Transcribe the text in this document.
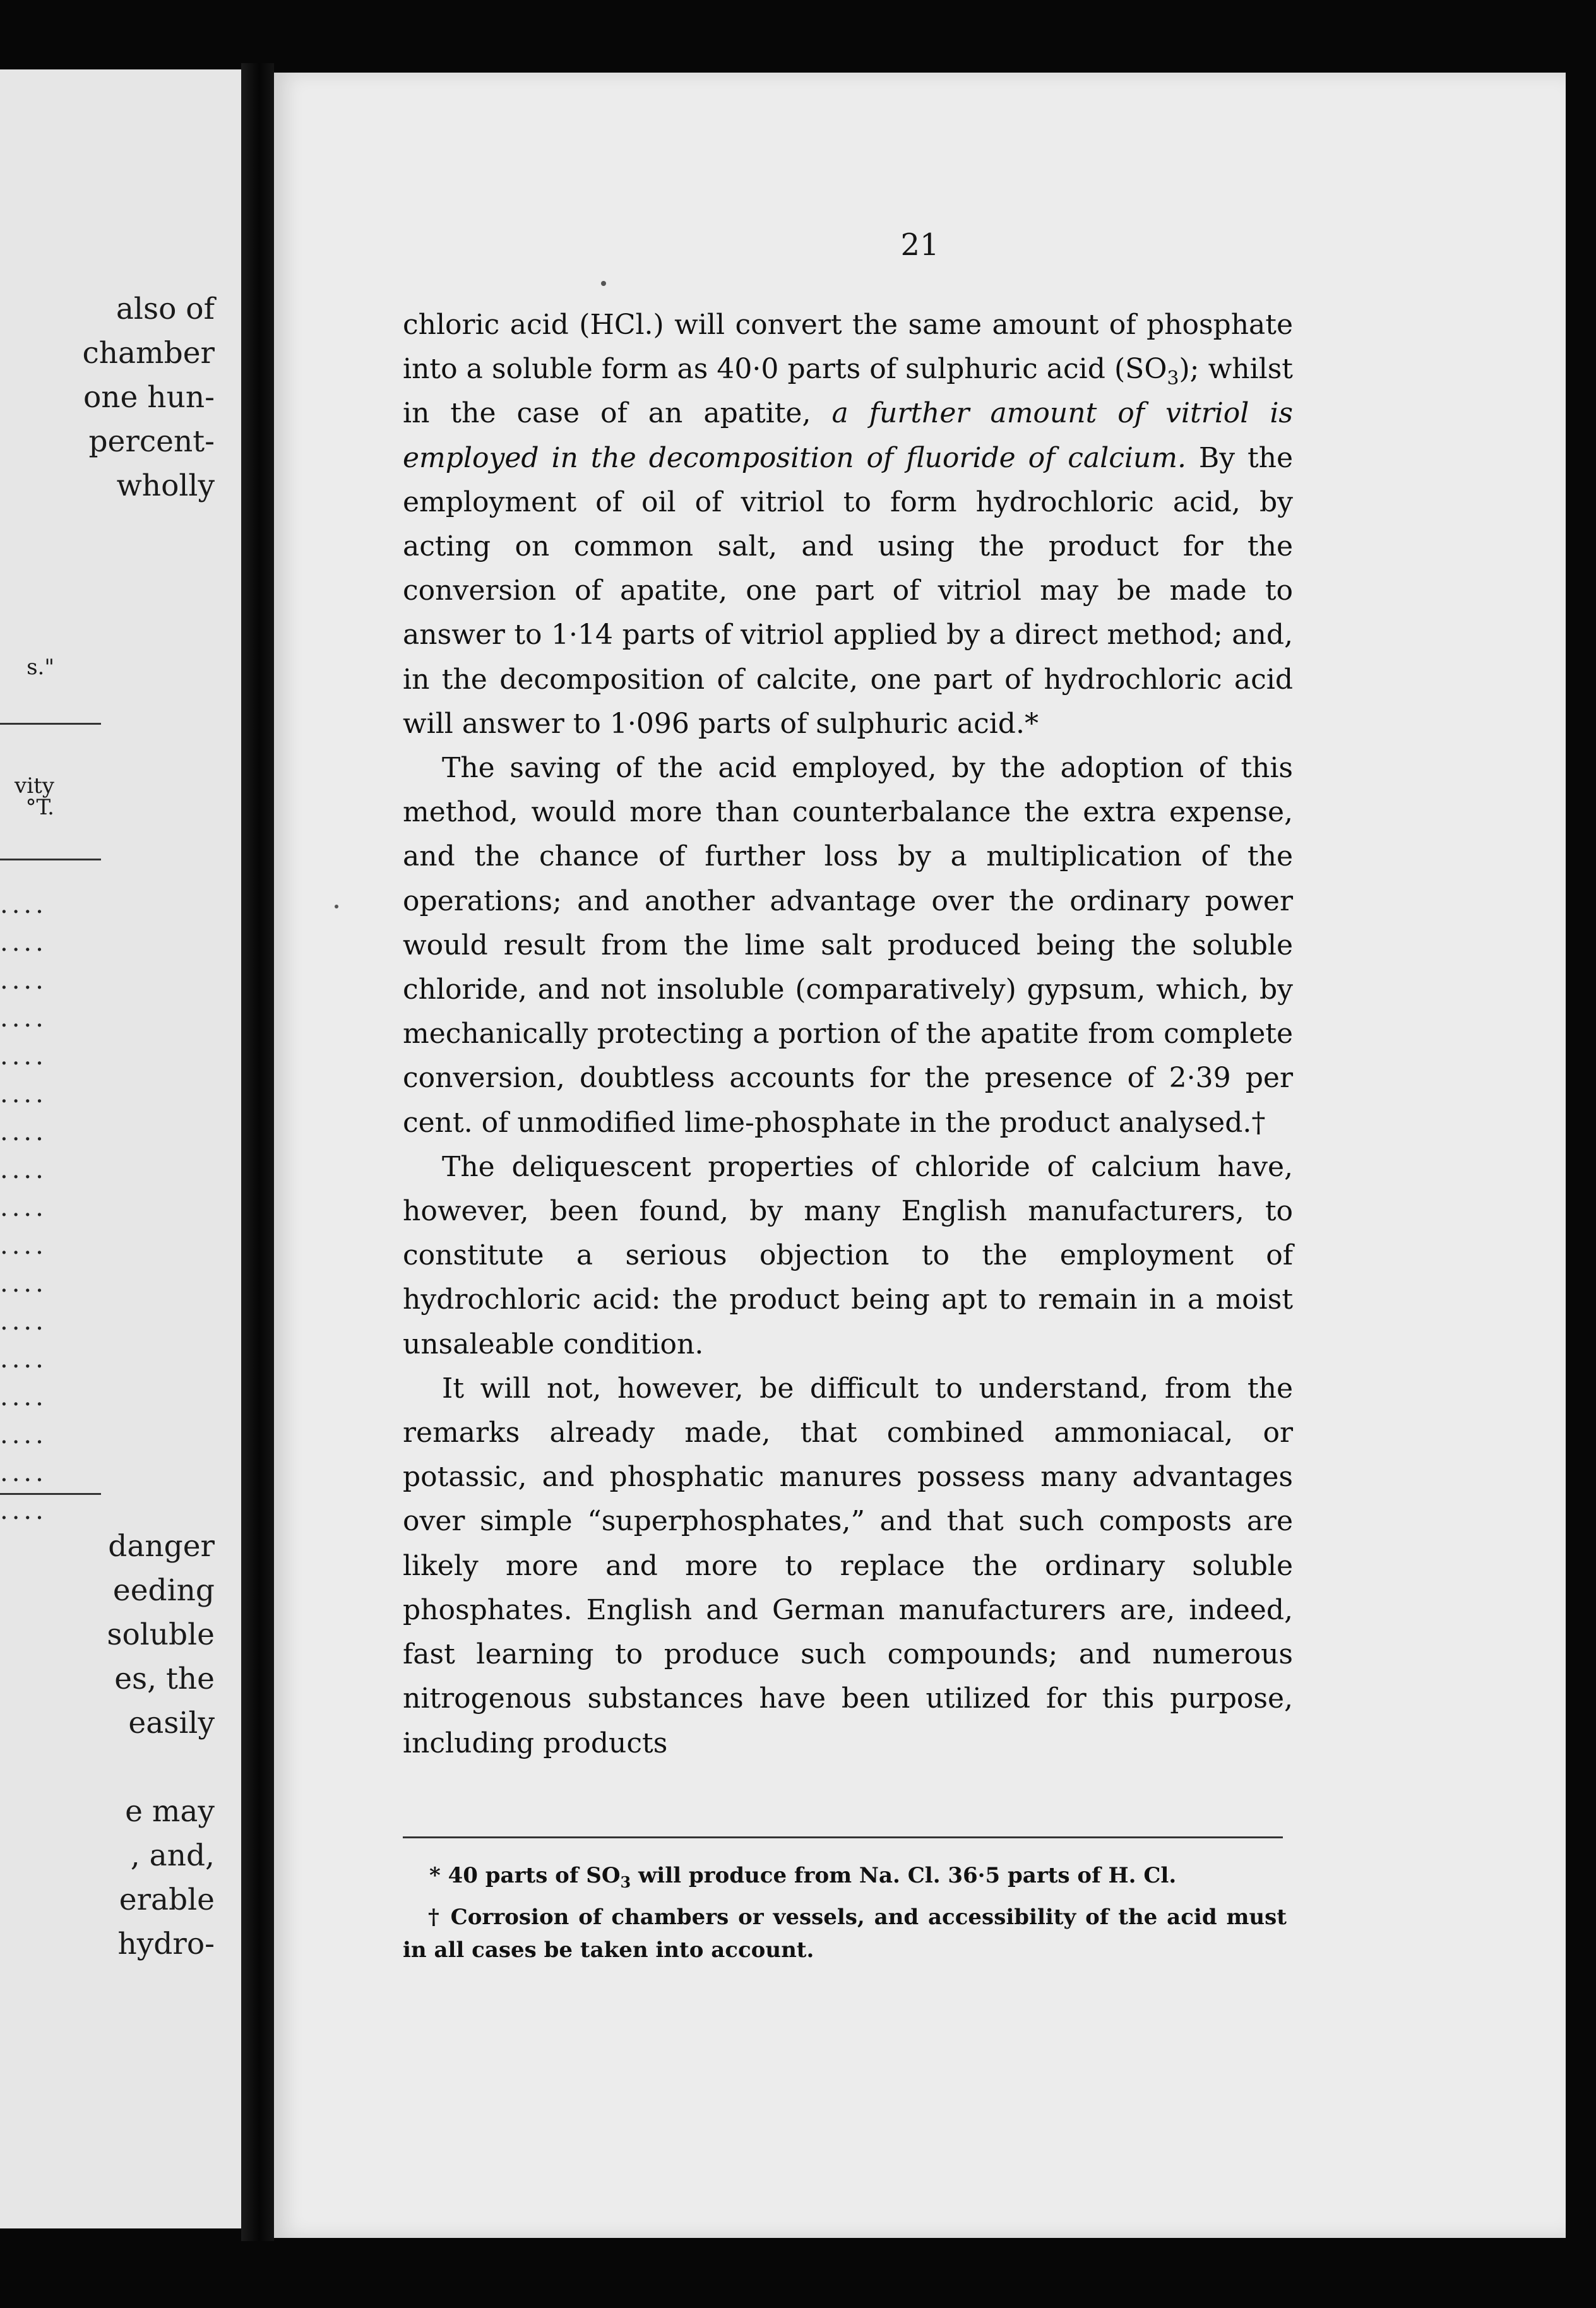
also of
chamber
one hun-
percent-
wholly
s."
vity
°T.
....
....
....
....
....
....
....
....
....
....
....
....
....
....
....
....
....
danger
eeding
soluble
es, the
easily
e may
, and,
erable
hydro-
21

chloric acid (HCl.) will convert the same amount of phosphate into a soluble form as 40·0 parts of sulphuric acid $(SO_3)$; whilst in the case of an apatite, a further amount of vitriol is employed in the decomposition of fluoride of calcium. By the employment of oil of vitriol to form hydrochloric acid, by acting on common salt, and using the product for the conversion of apatite, one part of vitriol may be made to answer to 1·14 parts of vitriol applied by a direct method; and, in the decomposition of calcite, one part of hydrochloric acid will answer to 1·096 parts of sulphuric acid.*

The saving of the acid employed, by the adoption of this method, would more than counterbalance the extra expense, and the chance of further loss by a multiplication of the operations; and another advantage over the ordinary power would result from the lime salt produced being the soluble chloride, and not insoluble (comparatively) gypsum, which, by mechanically protecting a portion of the apatite from complete conversion, doubtless accounts for the presence of 2·39 per cent. of unmodified lime-phosphate in the product analysed.†

The deliquescent properties of chloride of calcium have, however, been found, by many English manufacturers, to constitute a serious objection to the employment of hydrochloric acid: the product being apt to remain in a moist unsaleable condition.

It will not, however, be difficult to understand, from the remarks already made, that combined ammoniacal, or potassic, and phosphatic manures possess many advantages over simple “superphosphates,” and that such composts are likely more and more to replace the ordinary soluble phosphates. English and German manufacturers are, indeed, fast learning to produce such compounds; and numerous nitrogenous substances have been utilized for this purpose, including products

* 40 parts of $SO_3$ will produce from Na. Cl. 36·5 parts of H. Cl.

† Corrosion of chambers or vessels, and accessibility of the acid must in all cases be taken into account.
